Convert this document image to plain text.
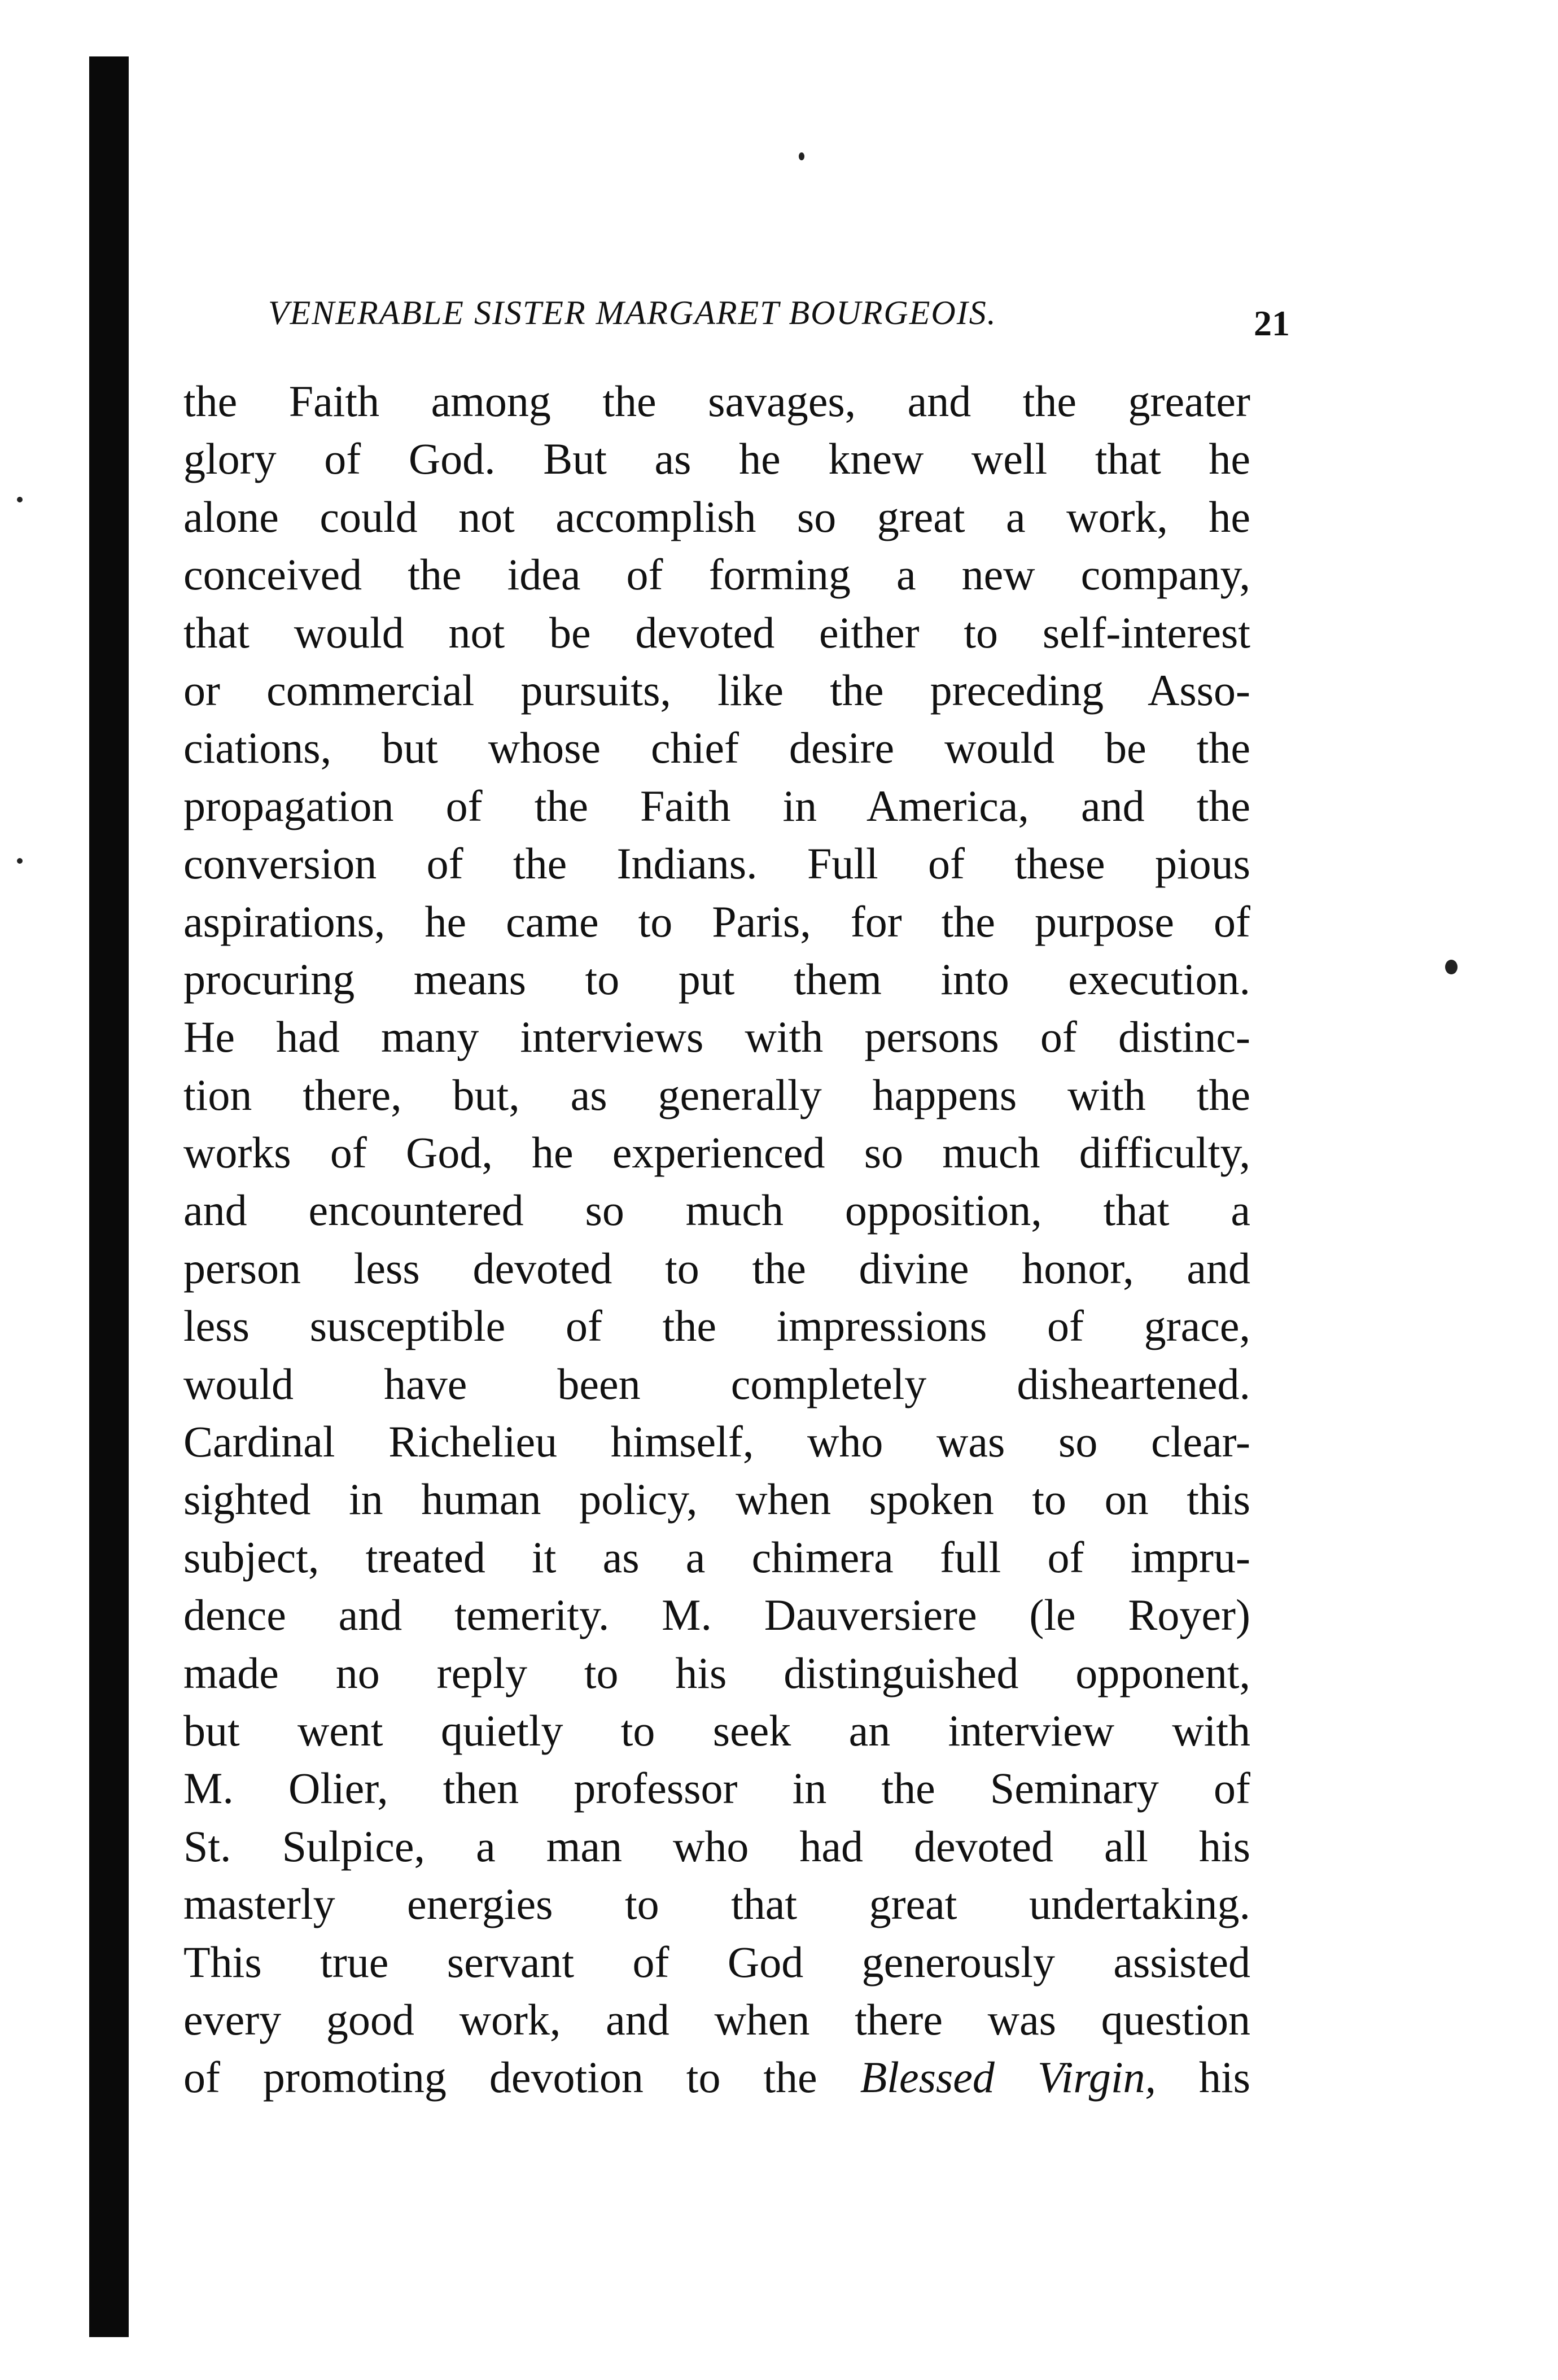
VENERABLE SISTER MARGARET BOURGEOIS.	21
the Faith among the savages, and the greater
glory of God. But as he knew well that he
alone could not accomplish so great a work, he
conceived the idea of forming a new company,
that would not be devoted either to self-interest
or commercial pursuits, like the preceding Asso-
ciations, but whose chief desire would be the
propagation of the Faith in America, and the
conversion of the Indians. Full of these pious
aspirations, he came to Paris, for the purpose of
procuring means to put them into execution.
He had many interviews with persons of distinc-
tion there, but, as generally happens with the
works of God, he experienced so much difficulty,
and encountered so much opposition, that a
person less devoted to the divine honor, and
less susceptible of the impressions of grace,
would have been completely disheartened.
Cardinal Richelieu himself, who was so clear-
sighted in human policy, when spoken to on this
subject, treated it as a chimera full of impru-
dence and temerity. M. Dauversiere (le Royer)
made no reply to his distinguished opponent,
but went quietly to seek an interview with
M. Olier, then professor in the Seminary of
St. Sulpice, a man who had devoted all his
masterly energies to that great undertaking.
This true servant of God generously assisted
every good work, and when there was question
of promoting devotion to the Blessed Virgin, his
